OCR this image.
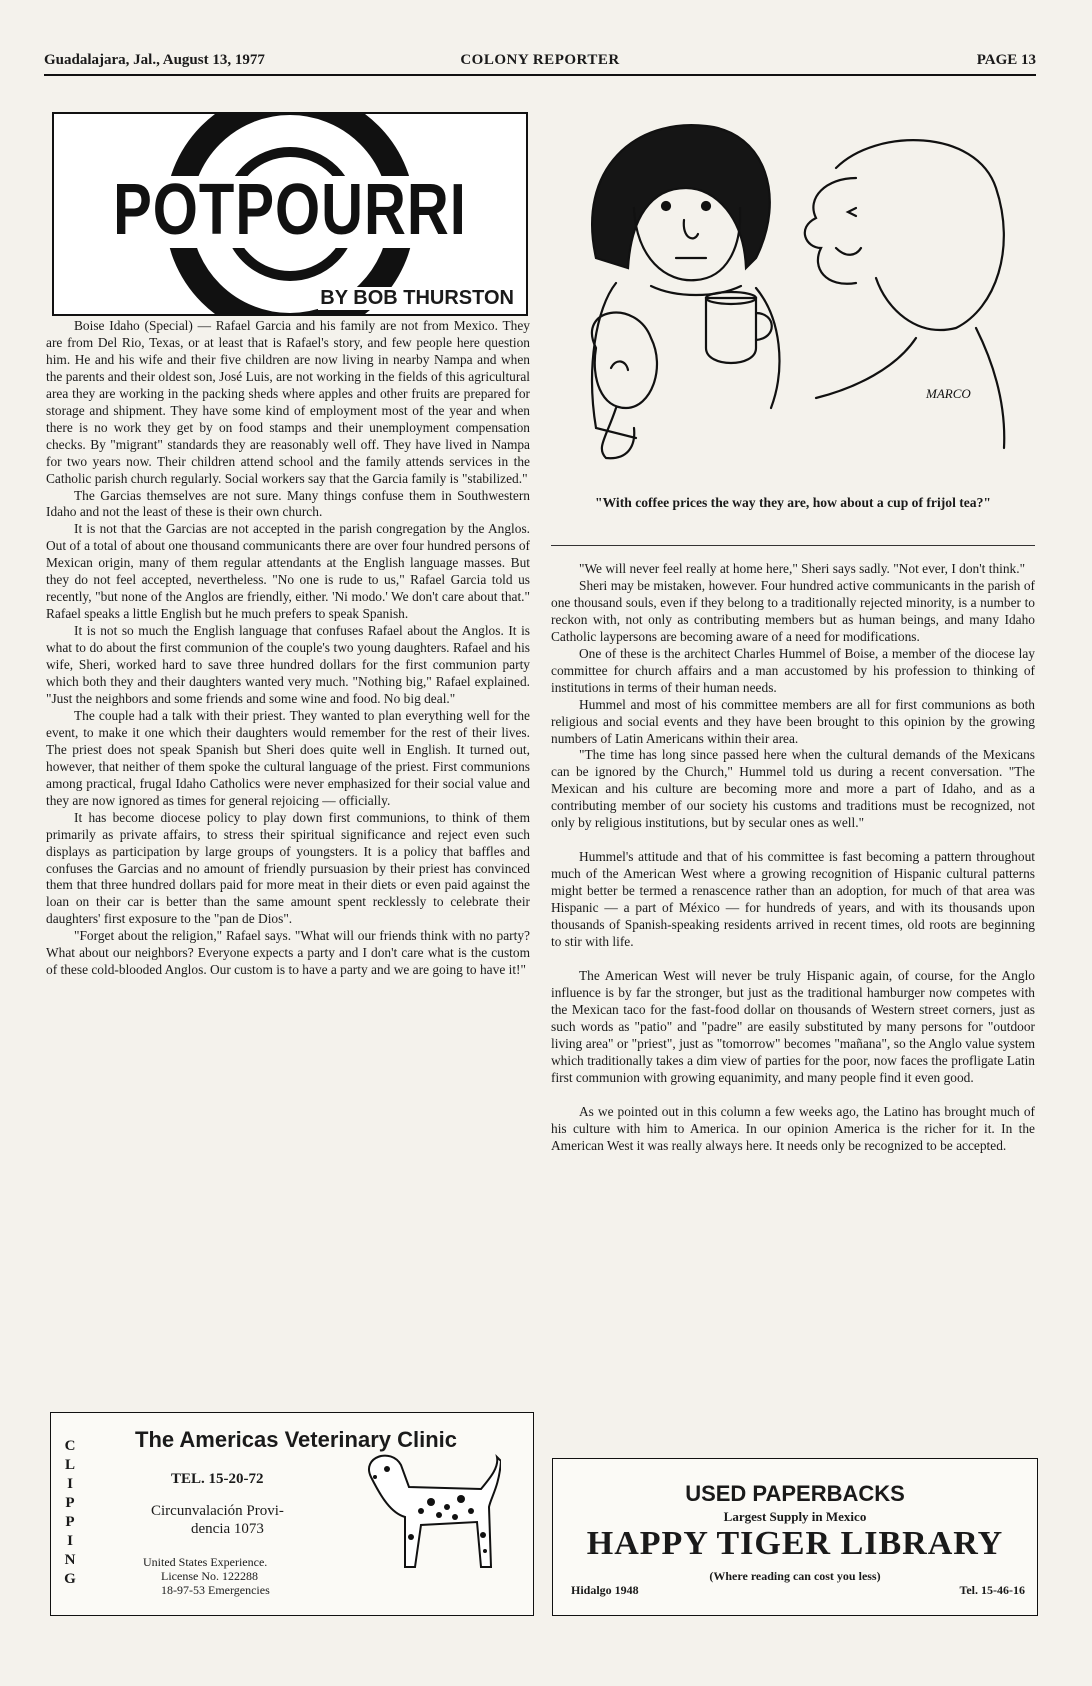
Guadalajara, Jal., August 13, 1977	COLONY REPORTER	PAGE 13
POTPOURRI
BY BOB THURSTON

Boise Idaho (Special) — Rafael Garcia and his family are not from Mexico. They are from Del Rio, Texas, or at least that is Rafael's story, and few people here question him. He and his wife and their five children are now living in nearby Nampa and when the parents and their oldest son, José Luis, are not working in the fields of this agricultural area they are working in the packing sheds where apples and other fruits are prepared for storage and shipment. They have some kind of employment most of the year and when there is no work they get by on food stamps and their unemployment compensation checks. By "migrant" standards they are reasonably well off. They have lived in Nampa for two years now. Their children attend school and the family attends services in the Catholic parish church regularly. Social workers say that the Garcia family is "stabilized."

The Garcias themselves are not sure. Many things confuse them in Southwestern Idaho and not the least of these is their own church.

It is not that the Garcias are not accepted in the parish congregation by the Anglos. Out of a total of about one thousand communicants there are over four hundred persons of Mexican origin, many of them regular attendants at the English language masses. But they do not feel accepted, nevertheless. "No one is rude to us," Rafael Garcia told us recently, "but none of the Anglos are friendly, either. 'Ni modo.' We don't care about that." Rafael speaks a little English but he much prefers to speak Spanish.

It is not so much the English language that confuses Rafael about the Anglos. It is what to do about the first communion of the couple's two young daughters. Rafael and his wife, Sheri, worked hard to save three hundred dollars for the first communion party which both they and their daughters wanted very much. "Nothing big," Rafael explained. "Just the neighbors and some friends and some wine and food. No big deal."

The couple had a talk with their priest. They wanted to plan everything well for the event, to make it one which their daughters would remember for the rest of their lives. The priest does not speak Spanish but Sheri does quite well in English. It turned out, however, that neither of them spoke the cultural language of the priest. First communions among practical, frugal Idaho Catholics were never emphasized for their social value and they are now ignored as times for general rejoicing — officially.

It has become diocese policy to play down first communions, to think of them primarily as private affairs, to stress their spiritual significance and reject even such displays as participation by large groups of youngsters. It is a policy that baffles and confuses the Garcias and no amount of friendly pursuasion by their priest has convinced them that three hundred dollars paid for more meat in their diets or even paid against the loan on their car is better than the same amount spent recklessly to celebrate their daughters' first exposure to the "pan de Dios".

"Forget about the religion," Rafael says. "What will our friends think with no party? What about our neighbors? Everyone expects a party and I don't care what is the custom of these cold-blooded Anglos. Our custom is to have a party and we are going to have it!"

MARCO
"With coffee prices the way they are, how about a cup of frijol tea?"

"We will never feel really at home here," Sheri says sadly. "Not ever, I don't think."

Sheri may be mistaken, however. Four hundred active communicants in the parish of one thousand souls, even if they belong to a traditionally rejected minority, is a number to reckon with, not only as contributing members but as human beings, and many Idaho Catholic laypersons are becoming aware of a need for modifications.

One of these is the architect Charles Hummel of Boise, a member of the diocese lay committee for church affairs and a man accustomed by his profession to thinking of institutions in terms of their human needs.

Hummel and most of his committee members are all for first communions as both religious and social events and they have been brought to this opinion by the growing numbers of Latin Americans within their area.

"The time has long since passed here when the cultural demands of the Mexicans can be ignored by the Church," Hummel told us during a recent conversation. "The Mexican and his culture are becoming more and more a part of Idaho, and as a contributing member of our society his customs and traditions must be recognized, not only by religious institutions, but by secular ones as well."

Hummel's attitude and that of his committee is fast becoming a pattern throughout much of the American West where a growing recognition of Hispanic cultural patterns might better be termed a renascence rather than an adoption, for much of that area was Hispanic — a part of México — for hundreds of years, and with its thousands upon thousands of Spanish-speaking residents arrived in recent times, old roots are beginning to stir with life.

The American West will never be truly Hispanic again, of course, for the Anglo influence is by far the stronger, but just as the traditional hamburger now competes with the Mexican taco for the fast-food dollar on thousands of Western street corners, just as such words as "patio" and "padre" are easily substituted by many persons for "outdoor living area" or "priest", just as "tomorrow" becomes "mañana", so the Anglo value system which traditionally takes a dim view of parties for the poor, now faces the profligate Latin first communion with growing equanimity, and many people find it even good.

As we pointed out in this column a few weeks ago, the Latino has brought much of his culture with him to America. In our opinion America is the richer for it. In the American West it was really always here. It needs only be recognized to be accepted.

C
L
I
P
P
I
N
G
The Americas Veterinary Clinic
TEL. 15-20-72
Circunvalación Provi-
dencia 1073
United States Experience.
License No. 122288
18-97-53 Emergencies
USED PAPERBACKS
Largest Supply in Mexico
HAPPY TIGER LIBRARY
(Where reading can cost you less)
Hidalgo 1948	Tel. 15-46-16
